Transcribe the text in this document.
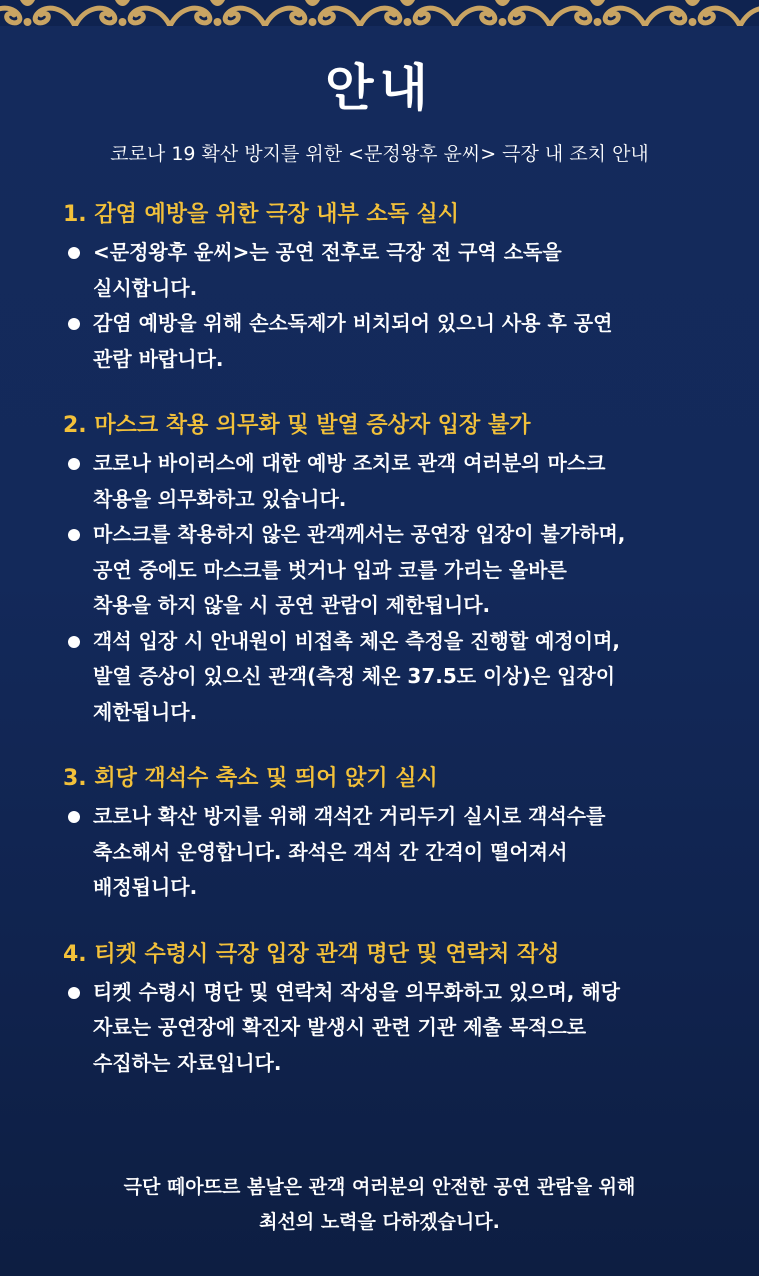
안내
코로나 19 확산 방지를 위한 <문정왕후 윤씨> 극장 내 조치 안내
1. 감염 예방을 위한 극장 내부 소독 실시
<문정왕후 윤씨>는 공연 전후로 극장 전 구역 소독을
실시합니다.
감염 예방을 위해 손소독제가 비치되어 있으니 사용 후 공연
관람 바랍니다.
2. 마스크 착용 의무화 및 발열 증상자 입장 불가
코로나 바이러스에 대한 예방 조치로 관객 여러분의 마스크
착용을 의무화하고 있습니다.
마스크를 착용하지 않은 관객께서는 공연장 입장이 불가하며,
공연 중에도 마스크를 벗거나 입과 코를 가리는 올바른
착용을 하지 않을 시 공연 관람이 제한됩니다.
객석 입장 시 안내원이 비접촉 체온 측정을 진행할 예정이며,
발열 증상이 있으신 관객(측정 체온 37.5도 이상)은 입장이
제한됩니다.
3. 회당 객석수 축소 및 띄어 앉기 실시
코로나 확산 방지를 위해 객석간 거리두기 실시로 객석수를
축소해서 운영합니다. 좌석은 객석 간 간격이 떨어져서
배정됩니다.
4. 티켓 수령시 극장 입장 관객 명단 및 연락처 작성
티켓 수령시 명단 및 연락처 작성을 의무화하고 있으며, 해당
자료는 공연장에 확진자 발생시 관련 기관 제출 목적으로
수집하는 자료입니다.
극단 떼아뜨르 봄날은 관객 여러분의 안전한 공연 관람을 위해
최선의 노력을 다하겠습니다.
